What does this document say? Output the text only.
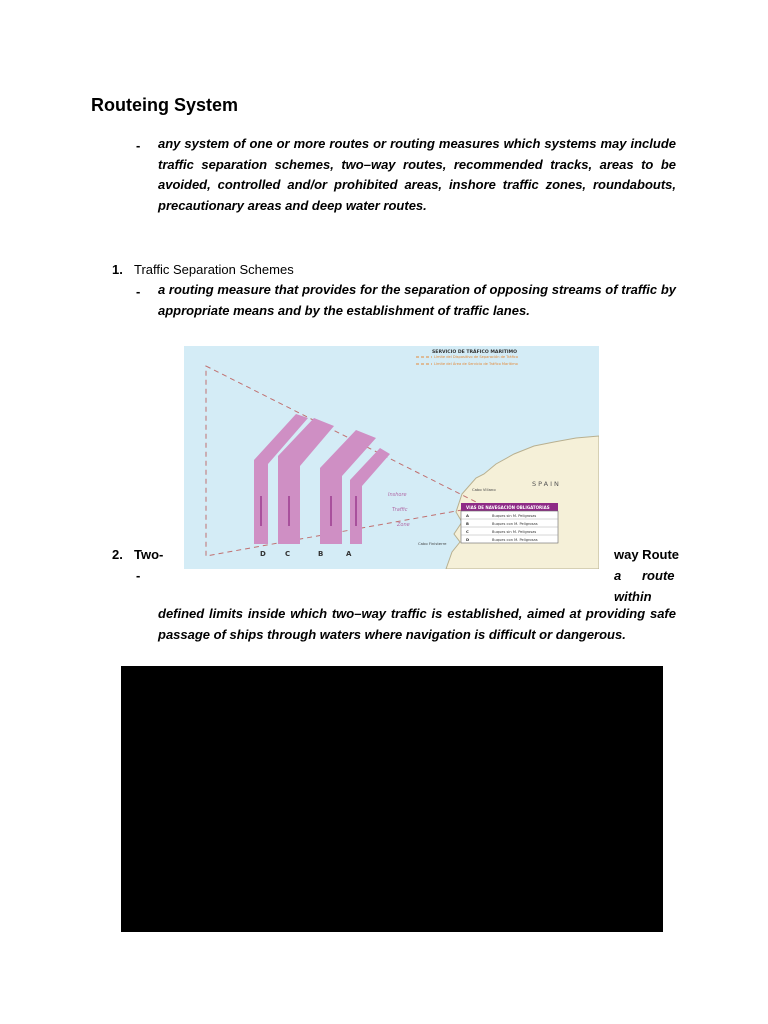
Routeing System
- any system of one or more routes or routing measures which systems may include traffic separation schemes, two–way routes, recommended tracks, areas to be avoided, controlled and/or prohibited areas, inshore traffic zones, roundabouts, precautionary areas and deep water routes.

1. Traffic Separation Schemes
- a routing measure that provides for the separation of opposing streams of traffic by appropriate means and by the establishment of traffic lanes.

SERVICIO DE TRÁFICO MARITIMO
Límite del Dispositivo de Separación de Tráfico
Límite del Área de Servicio de Tráfico Marítimo
SPAIN
Cabo Villano
Cabo Finisterre
Inshore
Traffic
Zone
D	C	B	A
VIAS DE NAVEGACIÓN OBLIGATORIAS
A	Buques sin M. Peligrosas
B	Buques con M. Peligrosas
C	Buques sin M. Peligrosas
D	Buques con M. Peligrosas
2. Two-	way Route
-	a route
within

defined limits inside which two–way traffic is established, aimed at providing safe passage of ships through waters where navigation is difficult or dangerous.
